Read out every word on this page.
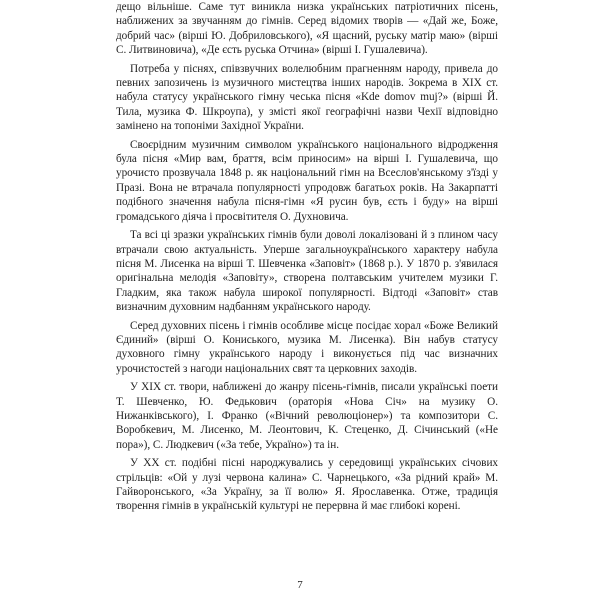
дещо вільніше. Саме тут виникла низка українських патріотичних пісень, наближених за звучанням до гімнів. Серед відомих творів — «Дай же, Боже, добрий час» (вірші Ю. Добриловського), «Я щасний, руську матір маю» (вірші С. Литвиновича), «Де єсть руська Отчина» (вірші І. Гушалевича).

Потреба у піснях, співзвучних волелюбним прагненням народу, привела до певних запозичень із музичного мистецтва інших народів. Зокрема в XIX ст. набула статусу українського гімну чеська пісня «Kde domov muj?» (вірші Й. Тила, музика Ф. Шкроупа), у змісті якої географічні назви Чехії відповідно замінено на топоніми Західної України.

Своєрідним музичним символом українського національного відродження була пісня «Мир вам, браття, всім приносим» на вірші І. Гушалевича, що урочисто прозвучала 1848 р. як національний гімн на Всеслов'янському з'їзді у Празі. Вона не втрачала популярності упродовж багатьох років. На Закарпатті подібного значення набула пісня-гімн «Я русин був, єсть і буду» на вірші громадського діяча і просвітителя О. Духновича.

Та всі ці зразки українських гімнів були доволі локалізовані й з плином часу втрачали свою актуальність. Уперше загальноукраїнського характеру набула пісня М. Лисенка на вірші Т. Шевченка «Заповіт» (1868 р.). У 1870 р. з'явилася оригінальна мелодія «Заповіту», створена полтавським учителем музики Г. Гладким, яка також набула широкої популярності. Відтоді «Заповіт» став визначним духовним надбанням українського народу.

Серед духовних пісень і гімнів особливе місце посідає хорал «Боже Великий Єдиний» (вірші О. Кониського, музика М. Лисенка). Він набув статусу духовного гімну українського народу і виконується під час визначних урочистостей з нагоди національних свят та церковних заходів.

У XIX ст. твори, наближені до жанру пісень-гімнів, писали українські поети Т. Шевченко, Ю. Федькович (ораторія «Нова Січ» на музику О. Нижанківського), І. Франко («Вічний революціонер») та композитори С. Воробкевич, М. Лисенко, М. Леонтович, К. Стеценко, Д. Січинський («Не пора»), С. Людкевич («За тебе, Україно») та ін.

У XX ст. подібні пісні народжувались у середовищі українських січових стрільців: «Ой у лузі червона калина» С. Чарнецького, «За рідний край» М. Гайворонського, «За Україну, за її волю» Я. Ярославенка. Отже, традиція творення гімнів в українській культурі не перервна й має глибокі корені.

7
